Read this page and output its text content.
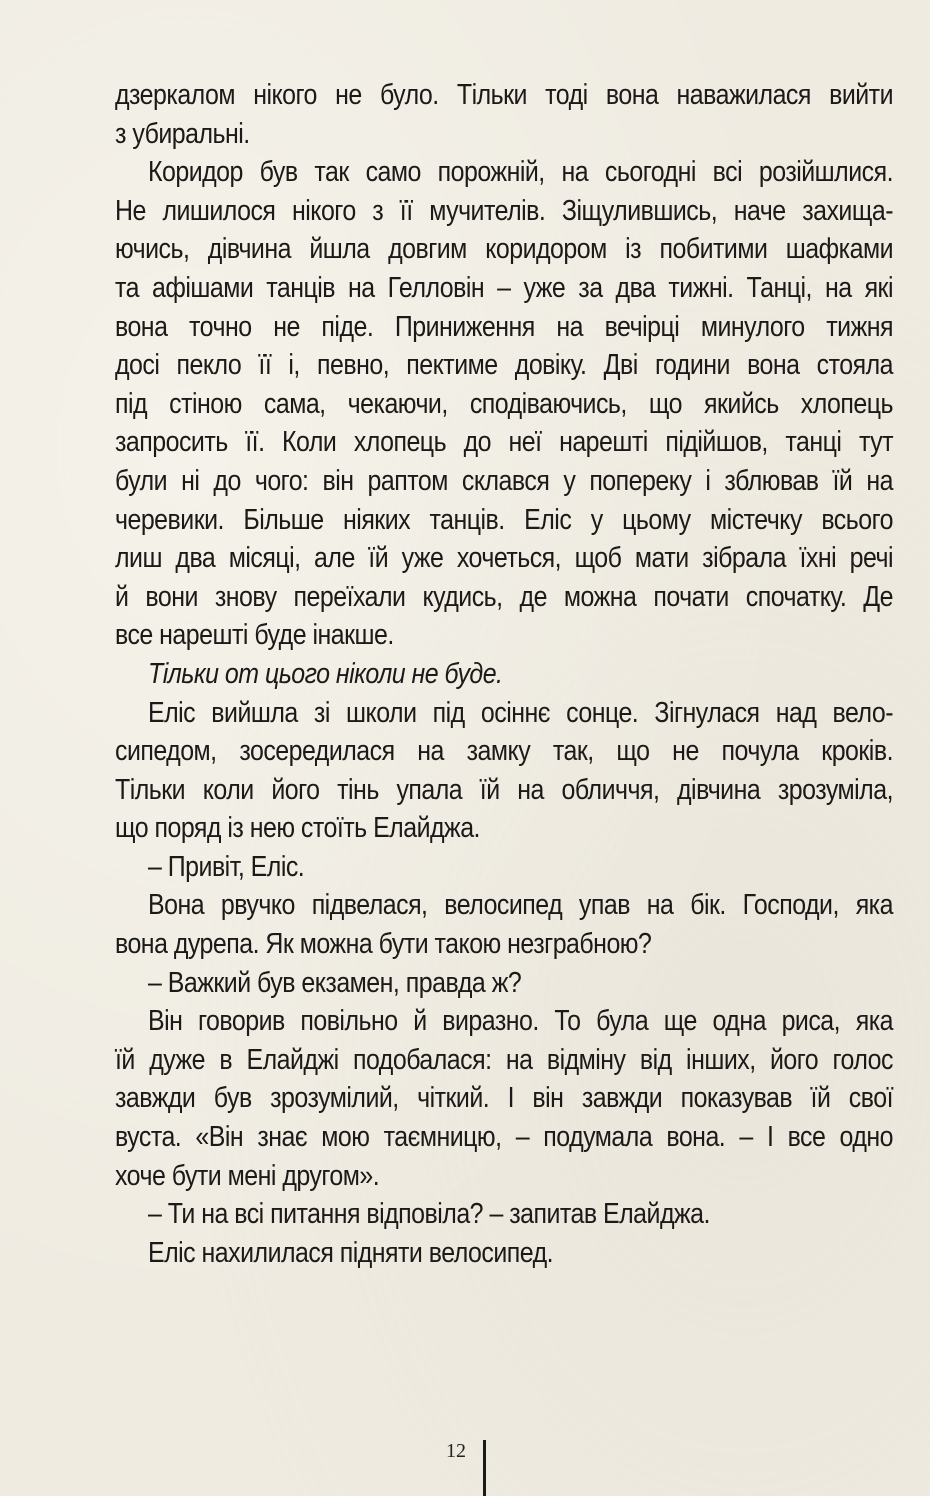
дзеркалом нікого не було. Тільки тоді вона наважилася вийти
з убиральні.
Коридор був так само порожній, на сьогодні всі розійшлися.
Не лишилося нікого з її мучителів. Зіщулившись, наче захища-
ючись, дівчина йшла довгим коридором із побитими шафками
та афішами танців на Гелловін – уже за два тижні. Танці, на які
вона точно не піде. Приниження на вечірці минулого тижня
досі пекло її і, певно, пектиме довіку. Дві години вона стояла
під стіною сама, чекаючи, сподіваючись, що якийсь хлопець
запросить її. Коли хлопець до неї нарешті підійшов, танці тут
були ні до чого: він раптом склався у поперeку і зблював їй на
черевики. Більше ніяких танців. Еліс у цьому містечку всього
лиш два місяці, але їй уже хочеться, щоб мати зібрала їхні речі
й вони знову переїхали кудись, де можна почати спочатку. Де
все нарешті буде інакше.
Тільки от цього ніколи не буде.
Еліс вийшла зі школи під осіннє сонце. Зігнулася над вело-
сипедом, зосередилася на замку так, що не почула кроків.
Тільки коли його тінь упала їй на обличчя, дівчина зрозуміла,
що поряд із нею стоїть Елайджа.
– Привіт, Еліс.
Вона рвучко підвелася, велосипед упав на бік. Господи, яка
вона дурепа. Як можна бути такою незграбною?
– Важкий був екзамен, правда ж?
Він говорив повільно й виразно. То була ще одна риса, яка
їй дуже в Елайджі подобалася: на відміну від інших, його голос
завжди був зрозумілий, чіткий. І він завжди показував їй свої
вуста. «Він знає мою таємницю, – подумала вона. – І все одно
хоче бути мені другом».
– Ти на всі питання відповіла? – запитав Елайджа.
Еліс нахилилася підняти велосипед.
12
